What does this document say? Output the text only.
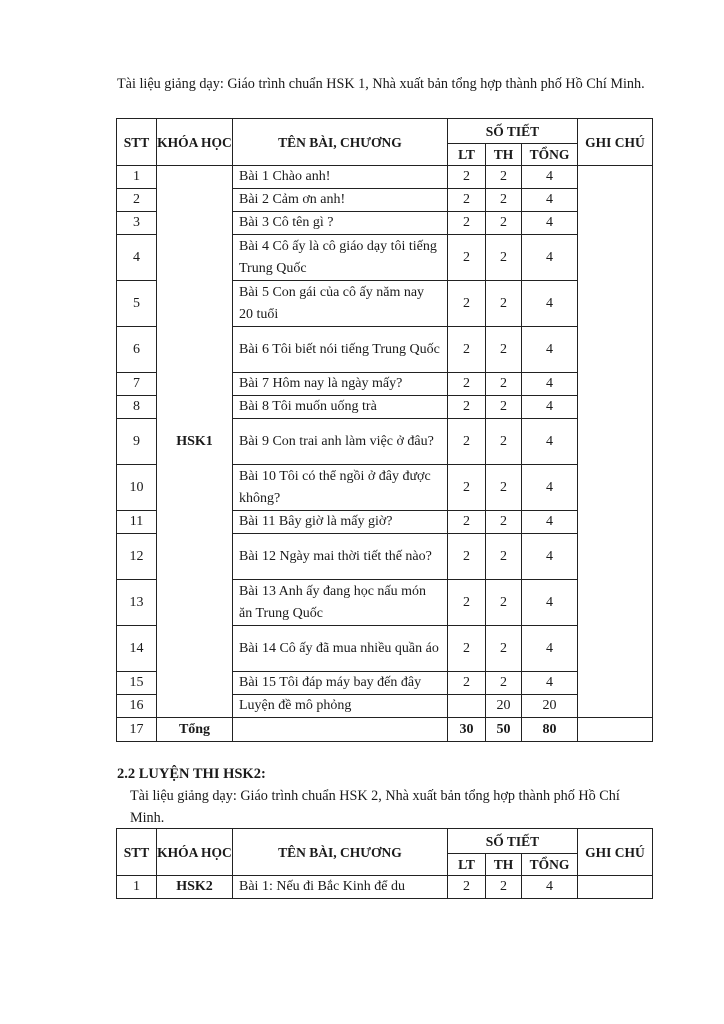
Tài liệu giảng dạy: Giáo trình chuẩn HSK 1, Nhà xuất bản tổng hợp thành phố Hồ Chí Minh.

STT	KHÓA HỌC	TÊN BÀI, CHƯƠNG	SỐ TIẾT			GHI CHÚ
			LT	TH	TỔNG	
1	HSK1	Bài 1 Chào anh!	2	2	4	
2		Bài 2 Cảm ơn anh!	2	2	4	
3		Bài 3 Cô tên gì ?	2	2	4	
4		Bài 4 Cô ấy là cô giáo dạy tôi tiếng Trung Quốc	2	2	4	
5		Bài 5 Con gái của cô ấy năm nay 20 tuổi	2	2	4	
6		Bài 6 Tôi biết nói tiếng Trung Quốc	2	2	4	
7		Bài 7 Hôm nay là ngày mấy?	2	2	4	
8		Bài 8 Tôi muốn uống trà	2	2	4	
9		Bài 9 Con trai anh làm việc ở đâu?	2	2	4	
10		Bài 10 Tôi có thể ngồi ở đây được không?	2	2	4	
11		Bài 11 Bây giờ là mấy giờ?	2	2	4	
12		Bài 12 Ngày mai thời tiết thế nào?	2	2	4	
13		Bài 13 Anh ấy đang học nấu món ăn Trung Quốc	2	2	4	
14		Bài 14 Cô ấy đã mua nhiều quần áo	2	2	4	
15		Bài 15 Tôi đáp máy bay đến đây	2	2	4	
16		Luyện đề mô phỏng		20	20	
17	Tổng		30	50	80	
2.2 LUYỆN THI HSK2:

Tài liệu giảng dạy: Giáo trình chuẩn HSK 2, Nhà xuất bản tổng hợp thành phố Hồ Chí Minh.

STT	KHÓA HỌC	TÊN BÀI, CHƯƠNG	SỐ TIẾT			GHI CHÚ
			LT	TH	TỔNG	
1	HSK2	Bài 1: Nếu đi Bắc Kinh để du	2	2	4	
